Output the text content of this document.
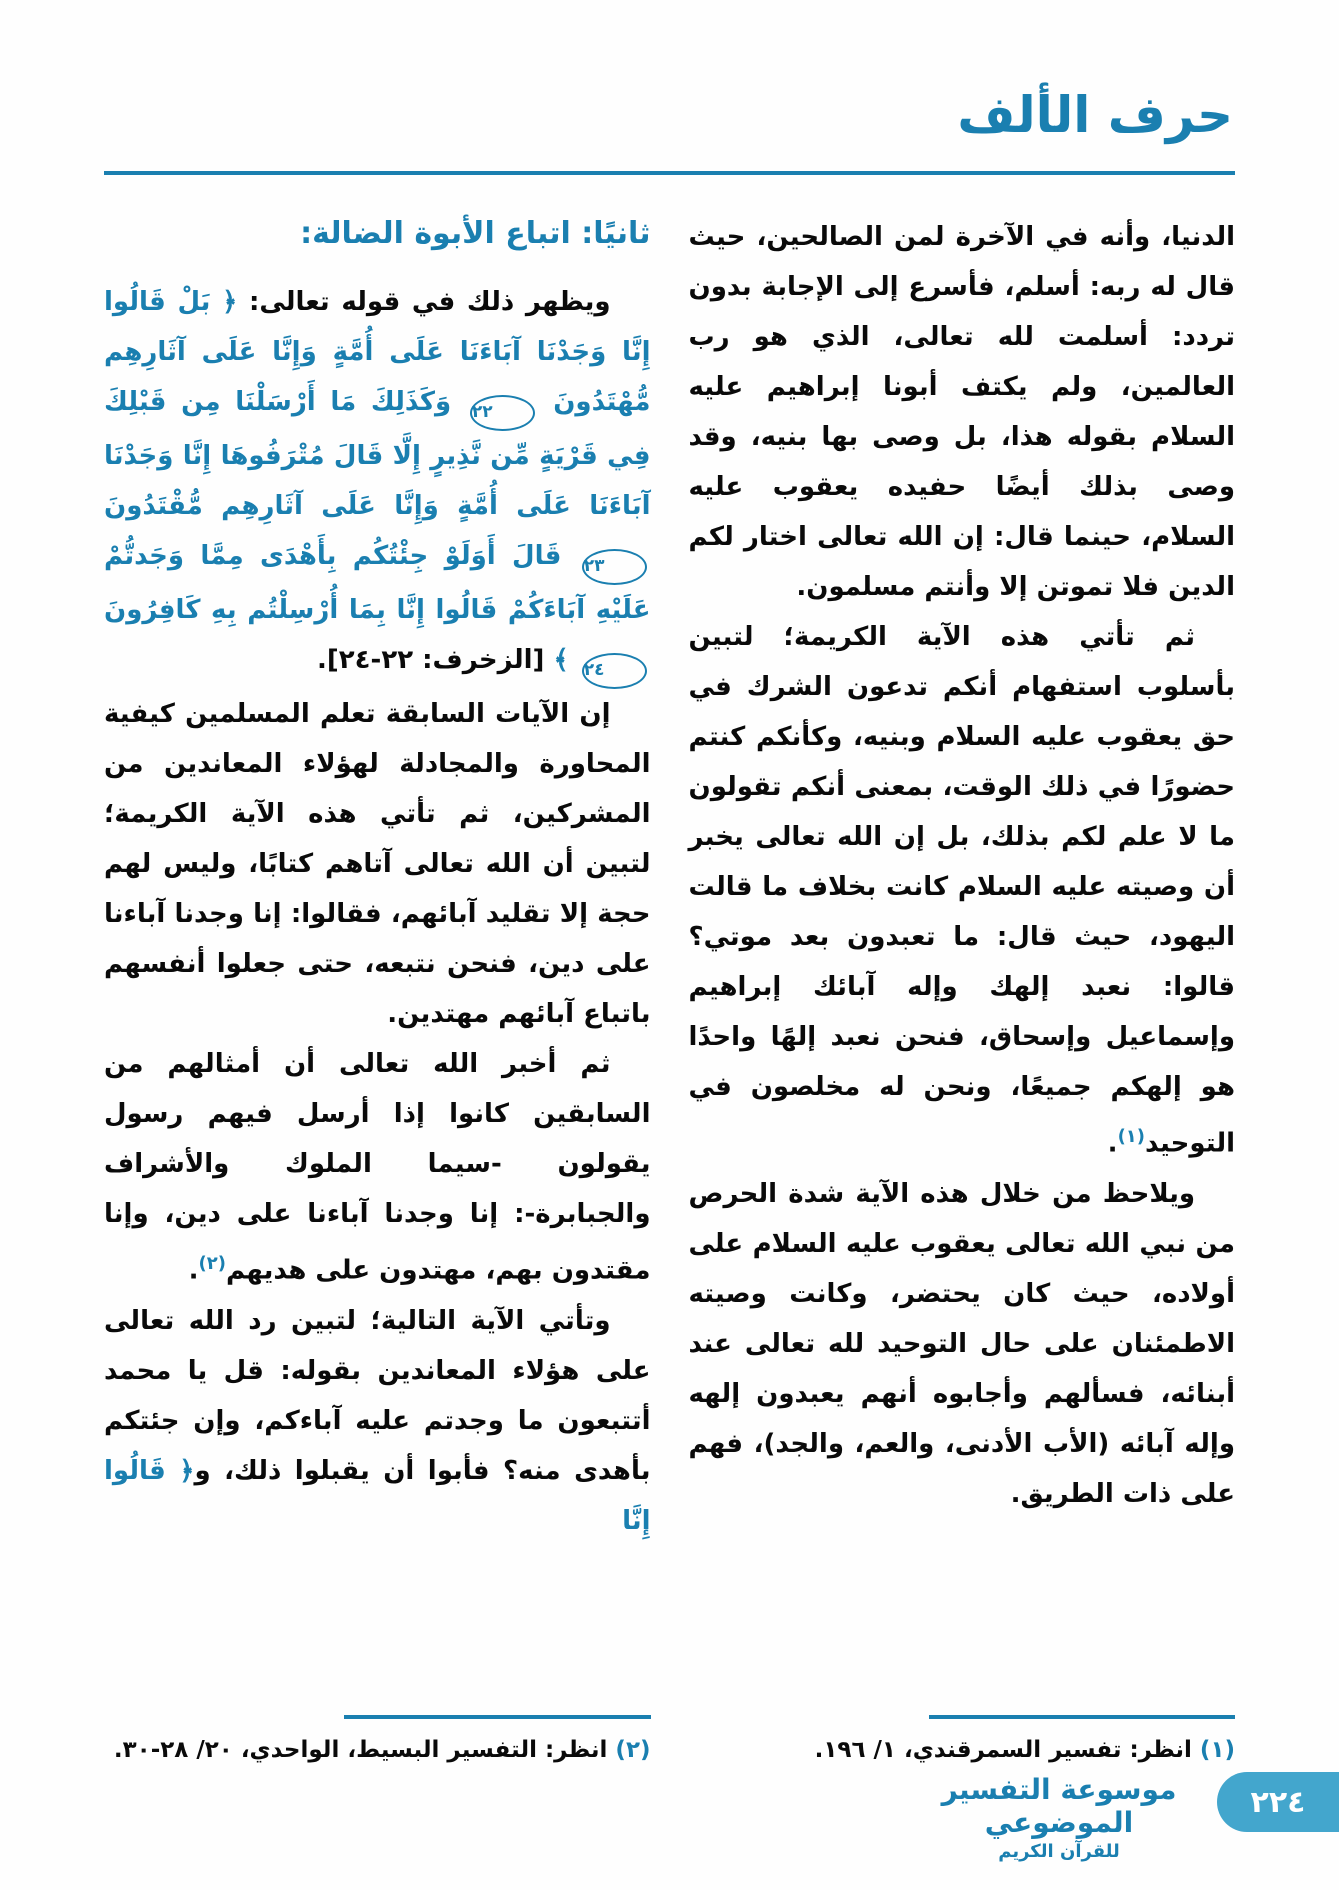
حرف الألف

الدنيا، وأنه في الآخرة لمن الصالحين، حيث قال له ربه: أسلم، فأسرع إلى الإجابة بدون تردد: أسلمت لله تعالى، الذي هو رب العالمين، ولم يكتف أبونا إبراهيم عليه السلام بقوله هذا، بل وصى بها بنيه، وقد وصى بذلك أيضًا حفيده يعقوب عليه السلام، حينما قال: إن الله تعالى اختار لكم الدين فلا تموتن إلا وأنتم مسلمون.

ثم تأتي هذه الآية الكريمة؛ لتبين بأسلوب استفهام أنكم تدعون الشرك في حق يعقوب عليه السلام وبنيه، وكأنكم كنتم حضورًا في ذلك الوقت، بمعنى أنكم تقولون ما لا علم لكم بذلك، بل إن الله تعالى يخبر أن وصيته عليه السلام كانت بخلاف ما قالت اليهود، حيث قال: ما تعبدون بعد موتي؟ قالوا: نعبد إلهك وإله آبائك إبراهيم وإسماعيل وإسحاق، فنحن نعبد إلهًا واحدًا هو إلهكم جميعًا، ونحن له مخلصون في التوحيد$^{(١)}$.

ويلاحظ من خلال هذه الآية شدة الحرص من نبي الله تعالى يعقوب عليه السلام على أولاده، حيث كان يحتضر، وكانت وصيته الاطمئنان على حال التوحيد لله تعالى عند أبنائه، فسألهم وأجابوه أنهم يعبدون إلهه وإله آبائه (الأب الأدنى، والعم، والجد)، فهم على ذات الطريق.

(١) انظر: تفسير السمرقندي، ١/ ١٩٦.
ثانيًا: اتباع الأبوة الضالة:

ويظهر ذلك في قوله تعالى: ﴿ بَلْ قَالُوا إِنَّا وَجَدْنَا آبَاءَنَا عَلَى أُمَّةٍ وَإِنَّا عَلَى آثَارِهِم مُّهْتَدُونَ ٢٢ وَكَذَلِكَ مَا أَرْسَلْنَا مِن قَبْلِكَ فِي قَرْيَةٍ مِّن نَّذِيرٍ إِلَّا قَالَ مُتْرَفُوهَا إِنَّا وَجَدْنَا آبَاءَنَا عَلَى أُمَّةٍ وَإِنَّا عَلَى آثَارِهِم مُّقْتَدُونَ ٢٣ قَالَ أَوَلَوْ جِئْتُكُم بِأَهْدَى مِمَّا وَجَدتُّمْ عَلَيْهِ آبَاءَكُمْ قَالُوا إِنَّا بِمَا أُرْسِلْتُم بِهِ كَافِرُونَ ٢٤ ﴾ [الزخرف: ٢٢-٢٤].

إن الآيات السابقة تعلم المسلمين كيفية المحاورة والمجادلة لهؤلاء المعاندين من المشركين، ثم تأتي هذه الآية الكريمة؛ لتبين أن الله تعالى آتاهم كتابًا، وليس لهم حجة إلا تقليد آبائهم، فقالوا: إنا وجدنا آباءنا على دين، فنحن نتبعه، حتى جعلوا أنفسهم باتباع آبائهم مهتدين.

ثم أخبر الله تعالى أن أمثالهم من السابقين كانوا إذا أرسل فيهم رسول يقولون -سيما الملوك والأشراف والجبابرة-: إنا وجدنا آباءنا على دين، وإنا مقتدون بهم، مهتدون على هديهم$^{(٢)}$.

وتأتي الآية التالية؛ لتبين رد الله تعالى على هؤلاء المعاندين بقوله: قل يا محمد أتتبعون ما وجدتم عليه آباءكم، وإن جئتكم بأهدى منه؟ فأبوا أن يقبلوا ذلك، و﴿ قَالُوا إِنَّا

(٢) انظر: التفسير البسيط، الواحدي، ٢٠/ ٢٨-٣٠.
موسوعة التفسير الموضوعي
للقرآن الكريم
٢٢٤
